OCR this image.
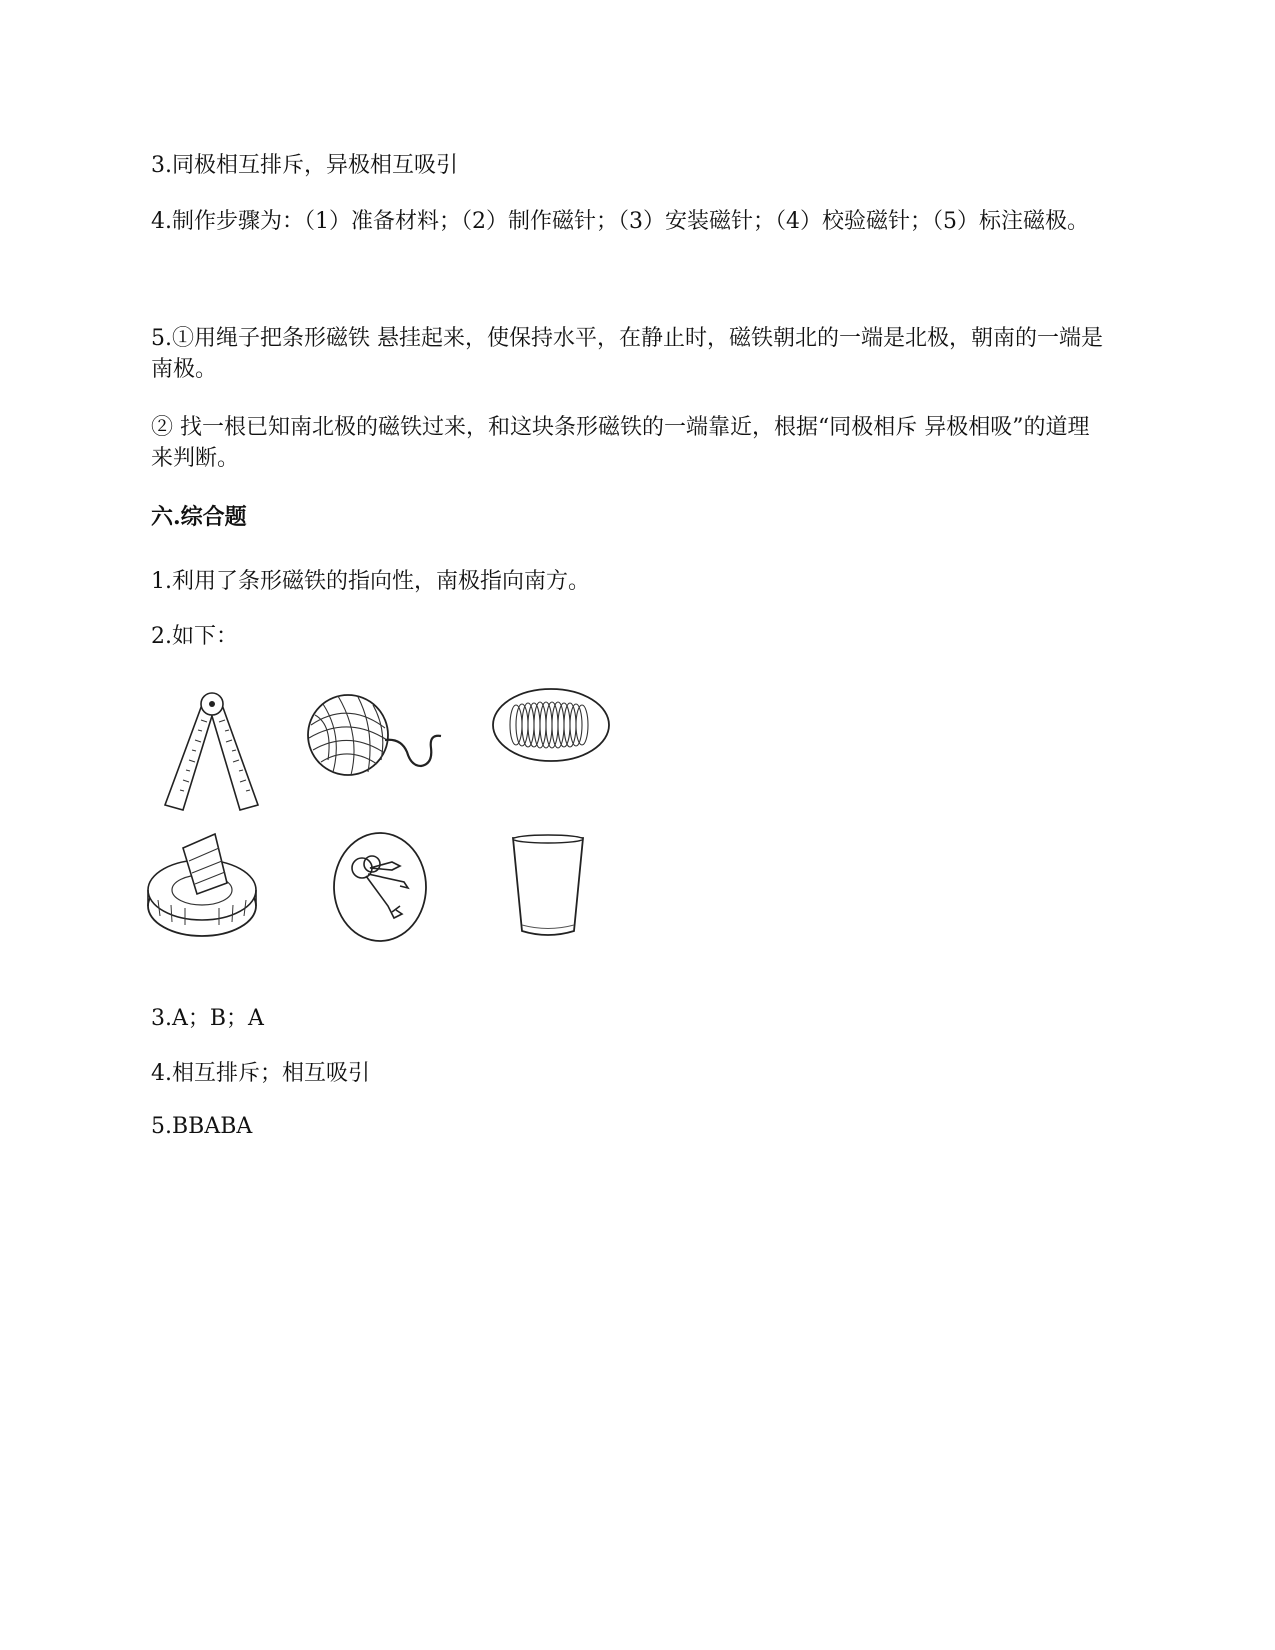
3.同极相互排斥，异极相互吸引

4.制作步骤为：（1）准备材料；（2）制作磁针；（3）安装磁针；（4）校验磁针；（5）标注磁极。

5.①用绳子把条形磁铁 悬挂起来，使保持水平，在静止时，磁铁朝北的一端是北极，朝南的一端是南极。

② 找一根已知南北极的磁铁过来，和这块条形磁铁的一端靠近，根据“同极相斥 异极相吸”的道理来判断。

六.综合题

1.利用了条形磁铁的指向性，南极指向南方。

2.如下：

3.A；B；A

4.相互排斥；相互吸引

5.BBABA
